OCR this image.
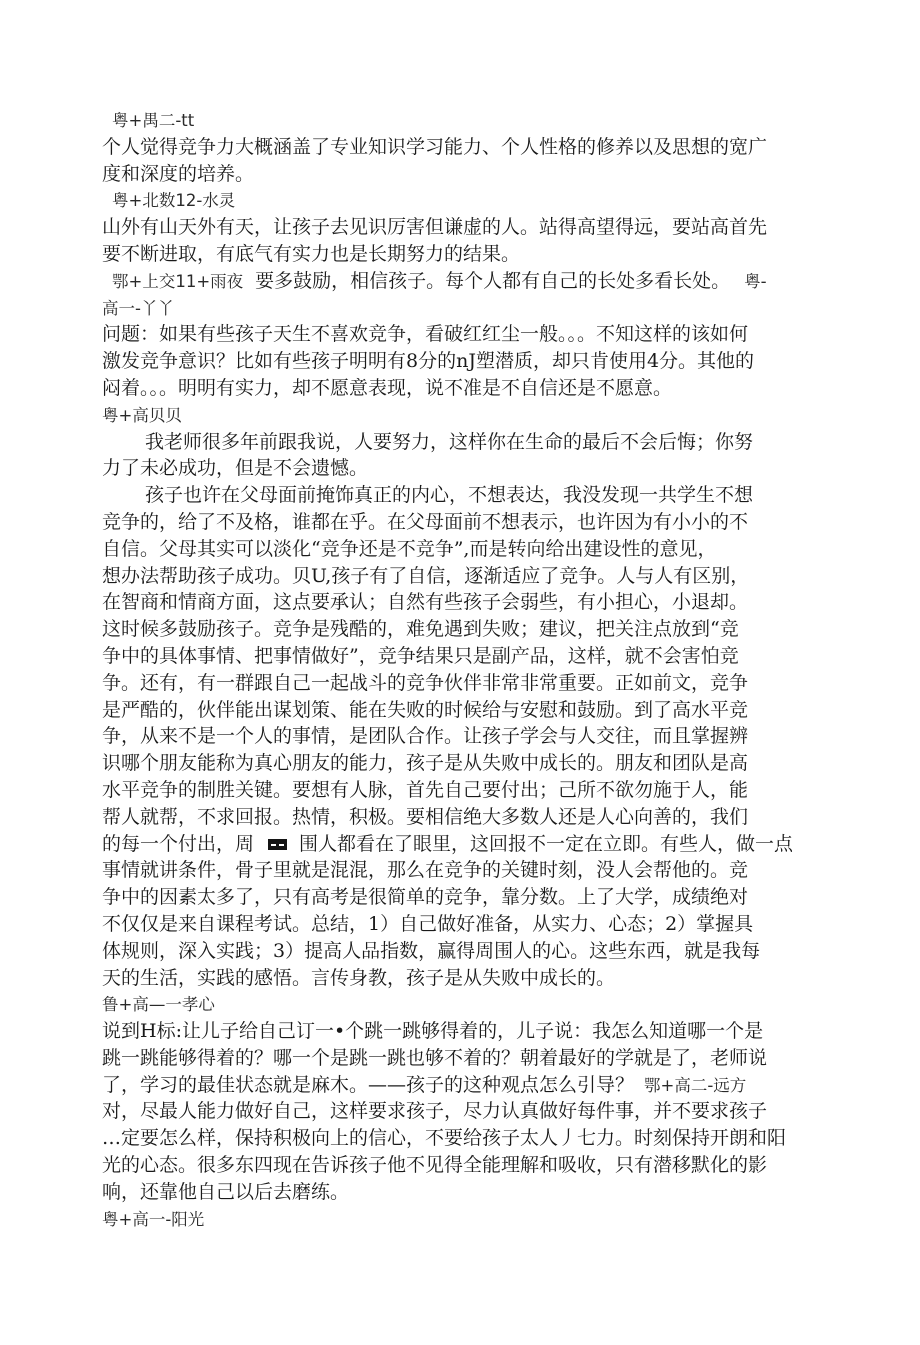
粤+禺二-tt
个人觉得竞争力大概涵盖了专业知识学习能力、个人性格的修养以及思想的宽广
度和深度的培养。
粤+北数12-水灵
山外有山天外有天，让孩子去见识厉害但谦虚的人。站得高望得远，要站高首先
要不断进取，有底气有实力也是长期努力的结果。
鄂+上交11+雨夜 要多鼓励，相信孩子。每个人都有自己的长处多看长处。 粤-
高一-丫丫
问题：如果有些孩子天生不喜欢竞争，看破红红尘一般。。。不知这样的该如何
激发竞争意识？比如有些孩子明明有8分的nJ塑潜质，却只肯使用4分。其他的
闷着。。。明明有实力，却不愿意表现，说不准是不自信还是不愿意。
粤+高贝贝
我老师很多年前跟我说，人要努力，这样你在生命的最后不会后悔；你努
力了未必成功，但是不会遗憾。
孩子也许在父母面前掩饰真正的内心，不想表达，我没发现一共学生不想
竞争的，给了不及格，谁都在乎。在父母面前不想表示，也许因为有小小的不
自信。父母其实可以淡化“竞争还是不竞争”,而是转向给出建设性的意见，
想办法帮助孩子成功。贝U,孩子有了自信，逐渐适应了竞争。人与人有区别，
在智商和情商方面，这点要承认；自然有些孩子会弱些，有小担心，小退却。
这时候多鼓励孩子。竞争是残酷的，难免遇到失败；建议，把关注点放到“竞
争中的具体事情、把事情做好”，竞争结果只是副产品，这样，就不会害怕竞
争。还有，有一群跟自己一起战斗的竞争伙伴非常非常重要。正如前文，竞争
是严酷的，伙伴能出谋划策、能在失败的时候给与安慰和鼓励。到了高水平竞
争，从来不是一个人的事情，是团队合作。让孩子学会与人交往，而且掌握辨
识哪个朋友能称为真心朋友的能力，孩子是从失败中成长的。朋友和团队是高
水平竞争的制胜关键。要想有人脉，首先自己要付出；己所不欲勿施于人，能
帮人就帮，不求回报。热情，积极。要相信绝大多数人还是人心向善的，我们
的每一个付出，周 围人都看在了眼里，这回报不一定在立即。有些人，做一点
事情就讲条件，骨子里就是混混，那么在竞争的关键时刻，没人会帮他的。竞
争中的因素太多了，只有高考是很简单的竞争，靠分数。上了大学，成绩绝对
不仅仅是来自课程考试。总结，1）自己做好准备，从实力、心态；2）掌握具
体规则，深入实践；3）提高人品指数，赢得周围人的心。这些东西，就是我每
天的生活，实践的感悟。言传身教，孩子是从失败中成长的。
鲁+高—一孝心
说到H标:让儿子给自己订一•个跳一跳够得着的，儿子说：我怎么知道哪一个是
跳一跳能够得着的？哪一个是跳一跳也够不着的？朝着最好的学就是了，老师说
了，学习的最佳状态就是麻木。——孩子的这种观点怎么引导？ 鄂+高二-远方
对，尽最人能力做好自己，这样要求孩子，尽力认真做好每件事，并不要求孩子
…定要怎么样，保持积极向上的信心，不要给孩子太人丿七力。时刻保持开朗和阳
光的心态。很多东四现在告诉孩子他不见得全能理解和吸收，只有潜移默化的影
响，还靠他自己以后去磨练。
粤+高一-阳光
